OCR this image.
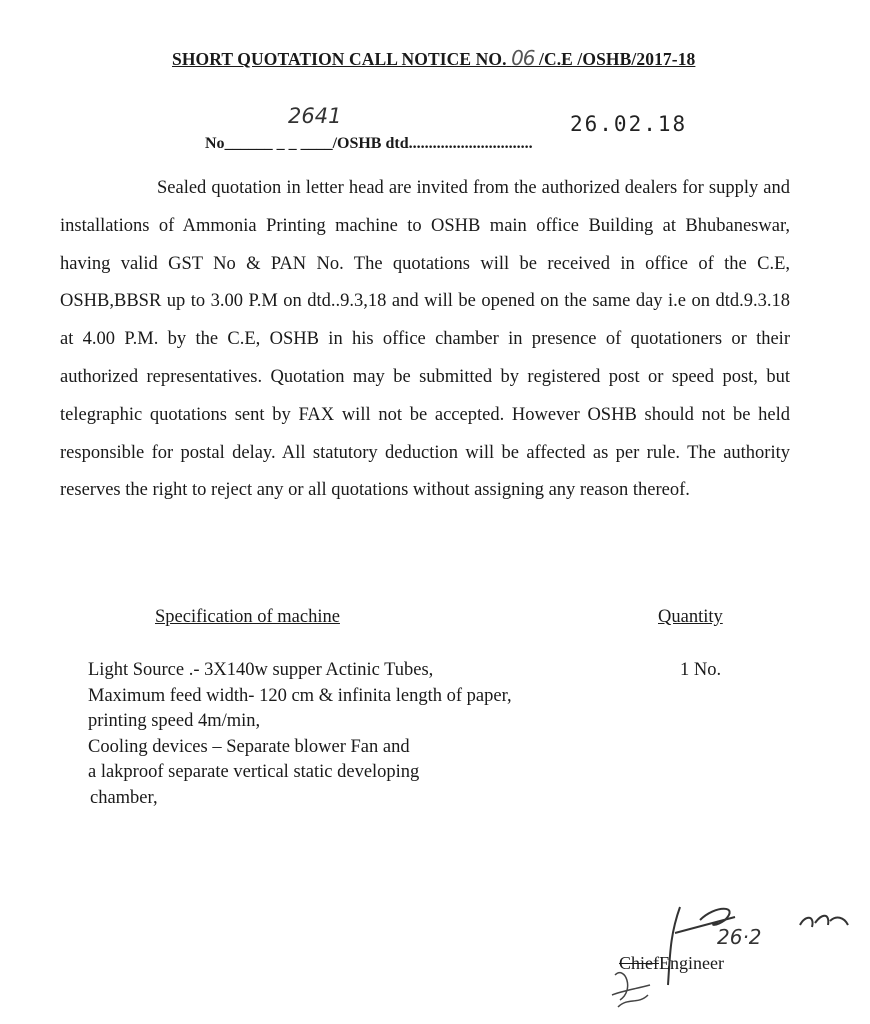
SHORT QUOTATION CALL NOTICE NO. 06 /C.E /OSHB/2017-18
2641	26.02.18
No______ _ _ ____/OSHB dtd...............................

Sealed quotation in letter head are invited from the authorized dealers for supply and installations of Ammonia Printing machine to OSHB main office Building at Bhubaneswar, having valid GST No & PAN No. The quotations will be received in office of the C.E, OSHB,BBSR up to 3.00 P.M on dtd..9.3,18 and will be opened on the same day i.e on dtd.9.3.18 at 4.00 P.M. by the C.E, OSHB in his office chamber in presence of quotationers or their authorized representatives. Quotation may be submitted by registered post or speed post, but telegraphic quotations sent by FAX will not be accepted. However OSHB should not be held responsible for postal delay. All statutory deduction will be affected as per rule. The authority reserves the right to reject any or all quotations without assigning any reason thereof.

Specification of machine	Quantity
Light Source .- 3X140w supper Actinic Tubes,
Maximum feed width- 120 cm & infinita length of paper,
printing speed 4m/min,
Cooling devices – Separate blower Fan and
a lakproof separate vertical static developing
chamber,
1 No.
26·2
ChiefEngineer
